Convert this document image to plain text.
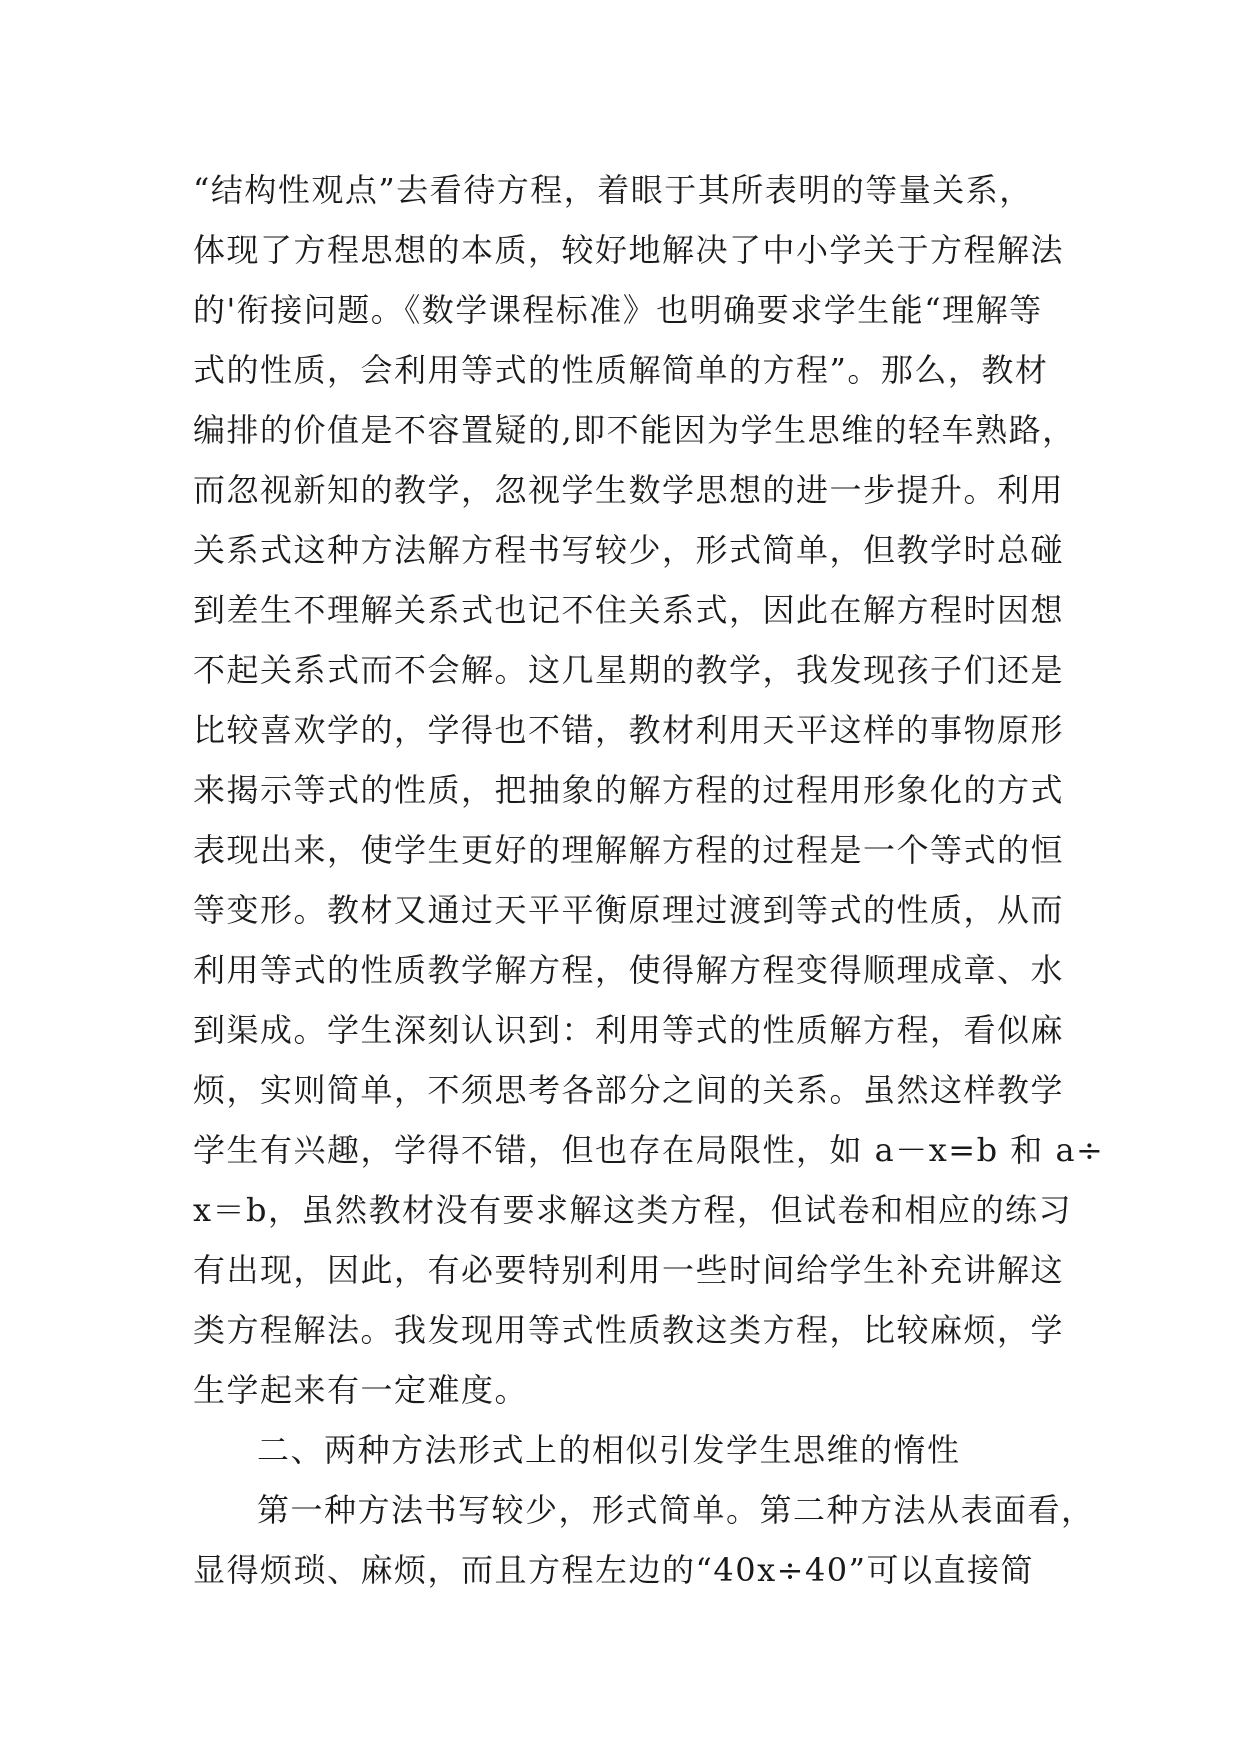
“结构性观点”去看待方程，着眼于其所表明的等量关系，
体现了方程思想的本质，较好地解决了中小学关于方程解法
的'衔接问题。《数学课程标准》也明确要求学生能“理解等
式的性质，会利用等式的性质解简单的方程”。那么，教材
编排的价值是不容置疑的,即不能因为学生思维的轻车熟路，
而忽视新知的教学，忽视学生数学思想的进一步提升。利用
关系式这种方法解方程书写较少，形式简单，但教学时总碰
到差生不理解关系式也记不住关系式，因此在解方程时因想
不起关系式而不会解。这几星期的教学，我发现孩子们还是
比较喜欢学的，学得也不错，教材利用天平这样的事物原形
来揭示等式的性质，把抽象的解方程的过程用形象化的方式
表现出来，使学生更好的理解解方程的过程是一个等式的恒
等变形。教材又通过天平平衡原理过渡到等式的性质，从而
利用等式的性质教学解方程，使得解方程变得顺理成章、水
到渠成。学生深刻认识到：利用等式的性质解方程，看似麻
烦，实则简单，不须思考各部分之间的关系。虽然这样教学
学生有兴趣，学得不错，但也存在局限性，如 a－x=b 和 a÷
x＝b，虽然教材没有要求解这类方程，但试卷和相应的练习
有出现，因此，有必要特别利用一些时间给学生补充讲解这
类方程解法。我发现用等式性质教这类方程，比较麻烦，学
生学起来有一定难度。
二、两种方法形式上的相似引发学生思维的惰性
第一种方法书写较少，形式简单。第二种方法从表面看，
显得烦琐、麻烦，而且方程左边的“40x÷40”可以直接简
